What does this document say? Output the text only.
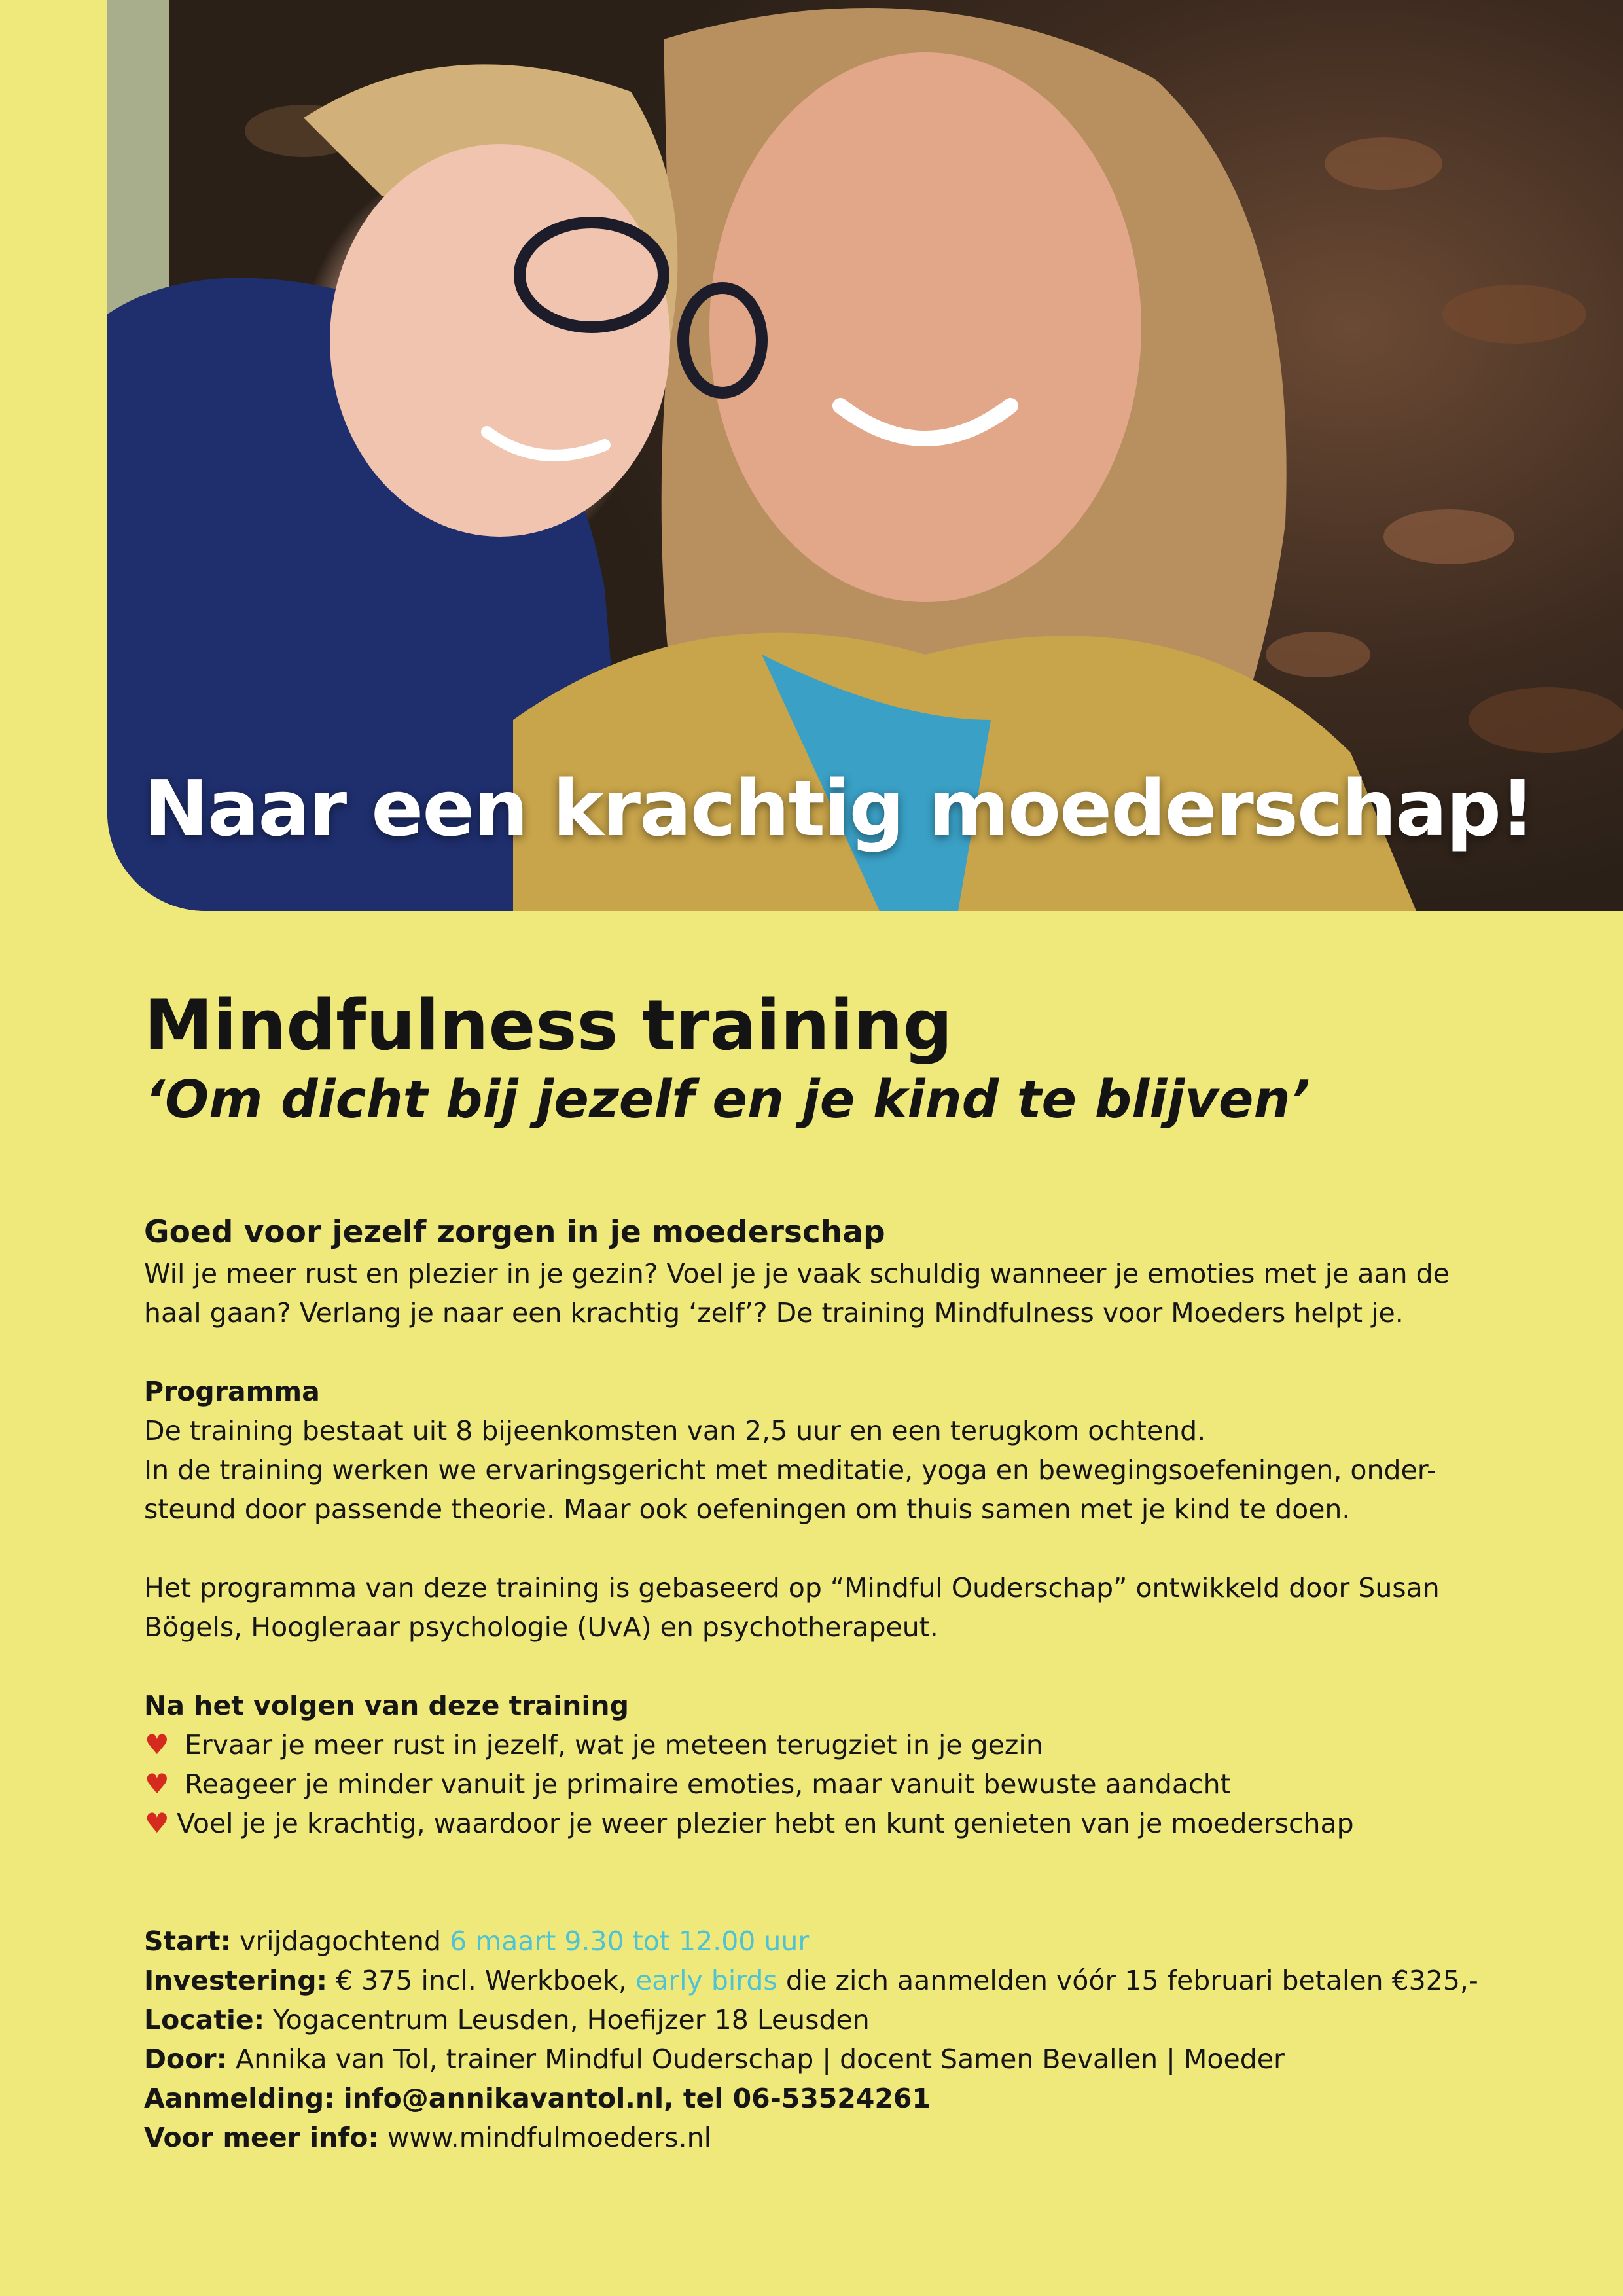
Naar een krachtig moederschap!

Mindfulness training
‘Om dicht bij jezelf en je kind te blijven’

Goed voor jezelf zorgen in je moederschap

Wil je meer rust en plezier in je gezin? Voel je je vaak schuldig wanneer je emoties met je aan de

haal gaan? Verlang je naar een krachtig ‘zelf’? De training Mindfulness voor Moeders helpt je.

Programma

De training bestaat uit 8 bijeenkomsten van 2,5 uur en een terugkom ochtend.

In de training werken we ervaringsgericht met meditatie, yoga en bewegingsoefeningen, onder-

steund door passende theorie. Maar ook oefeningen om thuis samen met je kind te doen.

Het programma van deze training is gebaseerd op “Mindful Ouderschap” ontwikkeld door Susan

Bögels, Hoogleraar psychologie (UvA) en psychotherapeut.

Na het volgen van deze training

♥ Ervaar je meer rust in jezelf, wat je meteen terugziet in je gezin
♥ Reageer je minder vanuit je primaire emoties, maar vanuit bewuste aandacht
♥ Voel je je krachtig, waardoor je weer plezier hebt en kunt genieten van je moederschap

Start: vrijdagochtend 6 maart 9.30 tot 12.00 uur

Investering: € 375 incl. Werkboek, early birds die zich aanmelden vóór 15 februari betalen €325,-

Locatie: Yogacentrum Leusden, Hoefijzer 18 Leusden

Door: Annika van Tol, trainer Mindful Ouderschap | docent Samen Bevallen | Moeder

Aanmelding: info@annikavantol.nl, tel 06-53524261

Voor meer info: www.mindfulmoeders.nl
